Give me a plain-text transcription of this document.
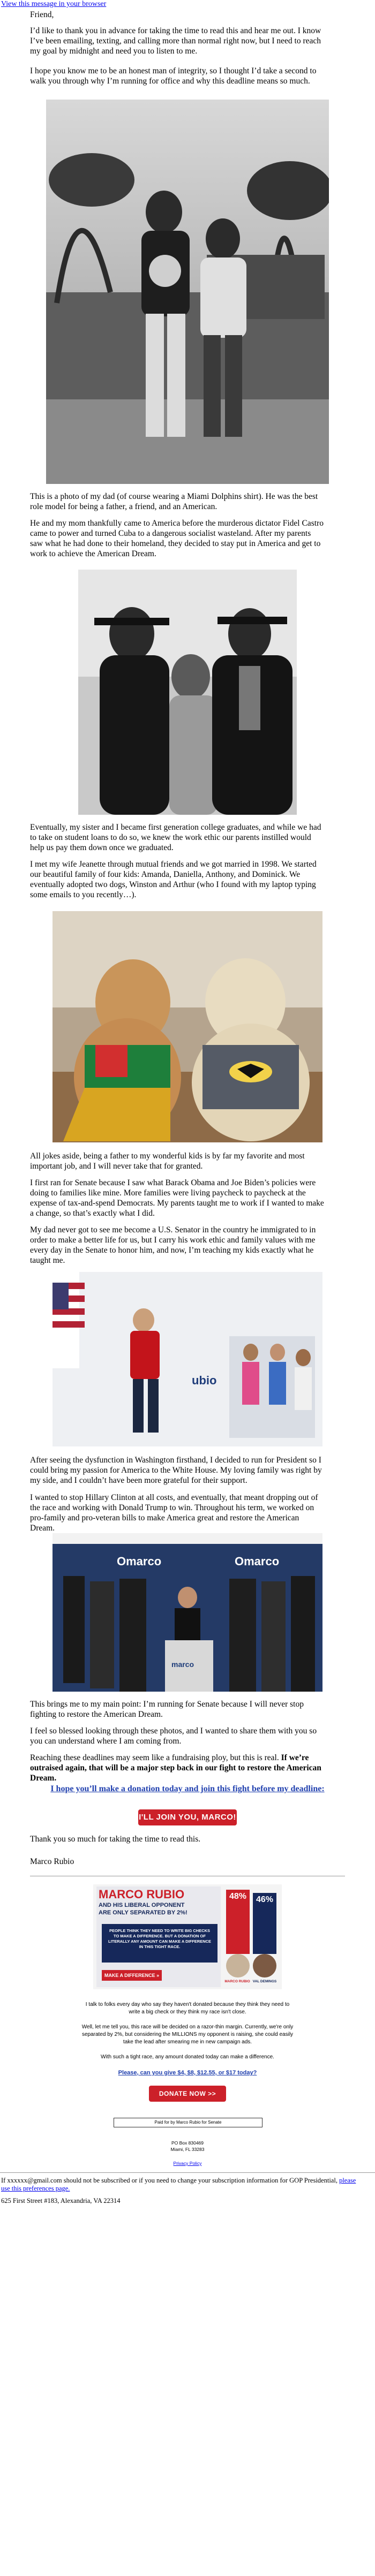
View this message in your browser

Friend,

I’d like to thank you in advance for taking the time to read this and hear me out. I know I’ve been emailing, texting, and calling more than normal right now, but I need to reach my goal by midnight and need you to listen to me.

I hope you know me to be an honest man of integrity, so I thought I’d take a second to walk you through why I’m running for office and why this deadline means so much.

This is a photo of my dad (of course wearing a Miami Dolphins shirt). He was the best role model for being a father, a friend, and an American.

He and my mom thankfully came to America before the murderous dictator Fidel Castro came to power and turned Cuba to a dangerous socialist wasteland. After my parents saw what he had done to their homeland, they decided to stay put in America and get to work to achieve the American Dream.

Eventually, my sister and I became first generation college graduates, and while we had to take on student loans to do so, we knew the work ethic our parents instilled would help us pay them down once we graduated.

I met my wife Jeanette through mutual friends and we got married in 1998. We started our beautiful family of four kids: Amanda, Daniella, Anthony, and Dominick. We eventually adopted two dogs, Winston and Arthur (who I found with my laptop typing some emails to you recently…).

All jokes aside, being a father to my wonderful kids is by far my favorite and most important job, and I will never take that for granted.

I first ran for Senate because I saw what Barack Obama and Joe Biden’s policies were doing to families like mine. More families were living paycheck to paycheck at the expense of tax-and-spend Democrats. My parents taught me to work if I wanted to make a change, so that’s exactly what I did.

My dad never got to see me become a U.S. Senator in the country he immigrated to in order to make a better life for us, but I carry his work ethic and family values with me every day in the Senate to honor him, and now, I’m teaching my kids exactly what he taught me.

ubio

After seeing the dysfunction in Washington firsthand, I decided to run for President so I could bring my passion for America to the White House. My loving family was right by my side, and I couldn’t have been more grateful for their support.

I wanted to stop Hillary Clinton at all costs, and eventually, that meant dropping out of the race and working with Donald Trump to win. Throughout his term, we worked on pro-family and pro-veteran bills to make America great and restore the American Dream.

Omarco	Omarco
marco

This brings me to my main point: I’m running for Senate because I will never stop fighting to restore the American Dream.

I feel so blessed looking through these photos, and I wanted to share them with you so you can understand where I am coming from.

Reaching these deadlines may seem like a fundraising ploy, but this is real. If we’re outraised again, that will be a major step back in our fight to restore the American Dream.

I hope you’ll make a donation today and join this fight before my deadline:
I'LL JOIN YOU, MARCO!

Thank you so much for taking the time to read this.

Marco Rubio

MARCO RUBIO
AND HIS LIBERAL OPPONENT
ARE ONLY SEPARATED BY 2%!
PEOPLE THINK THEY NEED TO WRITE BIG CHECKS TO MAKE A DIFFERENCE. BUT A DONATION OF LITERALLY ANY AMOUNT CAN MAKE A DIFFERENCE IN THIS TIGHT RACE.
MAKE A DIFFERENCE »
48%	46%
MARCO RUBIO VAL DEMINGS
I talk to folks every day who say they haven't donated because they think they need to write a big check or they think my race isn't close.
Well, let me tell you, this race will be decided on a razor-thin margin. Currently, we're only separated by 2%, but considering the MILLIONS my opponent is raising, she could easily take the lead after smearing me in new campaign ads.
With such a tight race, any amount donated today can make a difference.
Please, can you give $4, $8, $12.55, or $17 today?
DONATE NOW >>
Paid for by Marco Rubio for Senate
PO Box 830469
Miami, FL 33283
Privacy Policy
If xxxxxx@gmail.com should not be subscribed or if you need to change your subscription information for GOP Presidential, please use this preferences page.
625 First Street #183, Alexandria, VA 22314
